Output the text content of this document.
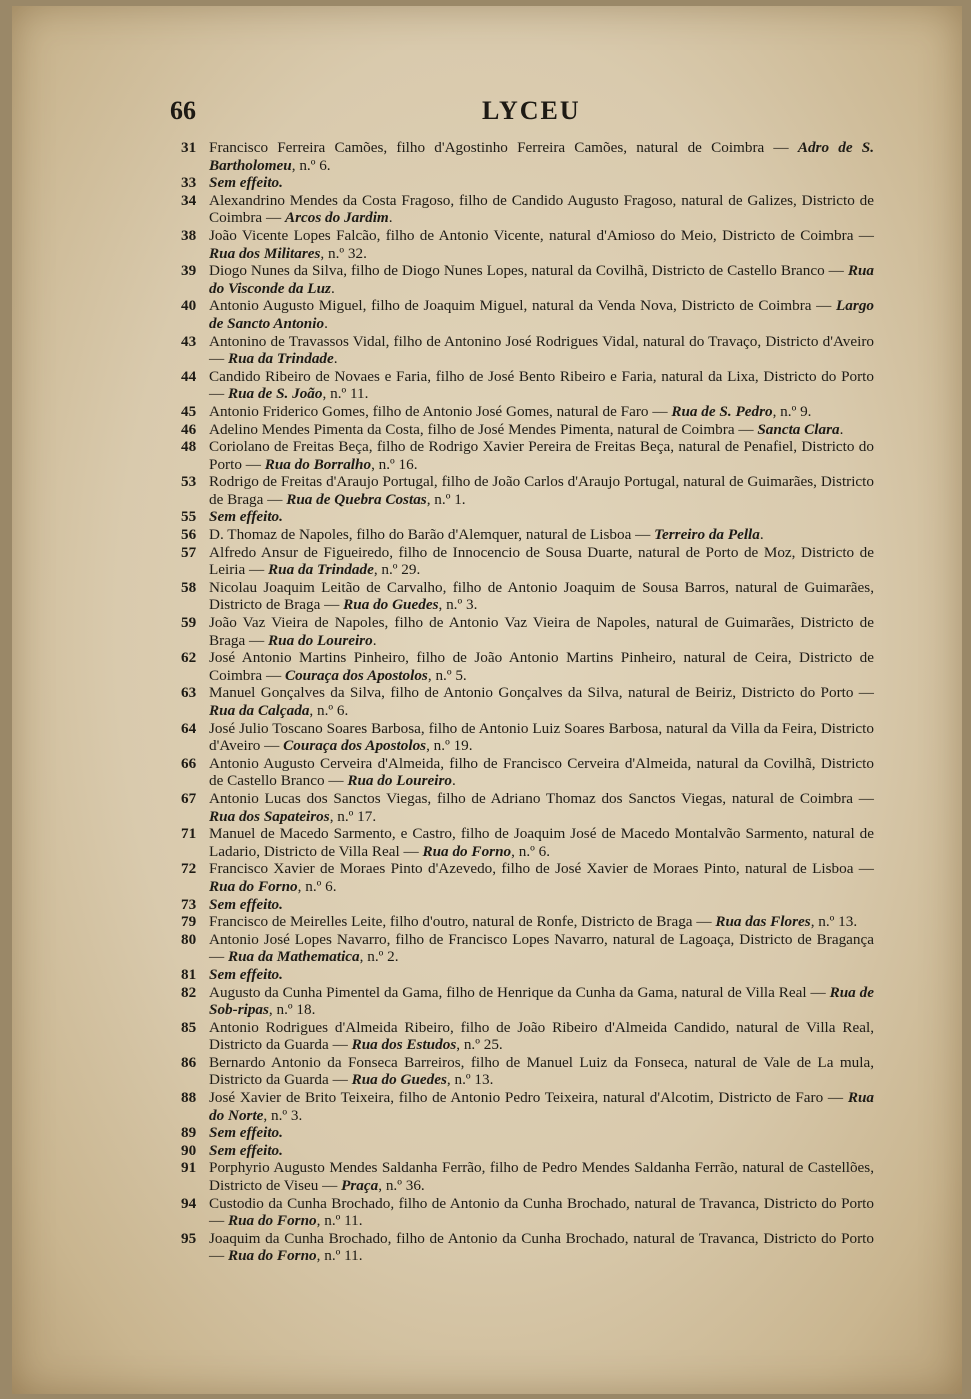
66	LYCEU
31 Francisco Ferreira Camões, filho d'Agostinho Ferreira Camões, natural de Coimbra — Adro de S. Bartholomeu, n.º 6.
33 Sem effeito.
34 Alexandrino Mendes da Costa Fragoso, filho de Candido Augusto Fragoso, natural de Galizes, Districto de Coimbra — Arcos do Jardim.
38 João Vicente Lopes Falcão, filho de Antonio Vicente, natural d'Amioso do Meio, Districto de Coimbra — Rua dos Militares, n.º 32.
39 Diogo Nunes da Silva, filho de Diogo Nunes Lopes, natural da Covilhã, Districto de Castello Branco — Rua do Visconde da Luz.
40 Antonio Augusto Miguel, filho de Joaquim Miguel, natural da Venda Nova, Districto de Coimbra — Largo de Sancto Antonio.
43 Antonino de Travassos Vidal, filho de Antonino José Rodrigues Vidal, natural do Travaço, Districto d'Aveiro — Rua da Trindade.
44 Candido Ribeiro de Novaes e Faria, filho de José Bento Ribeiro e Faria, natural da Lixa, Districto do Porto — Rua de S. João, n.º 11.
45 Antonio Friderico Gomes, filho de Antonio José Gomes, natural de Faro — Rua de S. Pedro, n.º 9.
46 Adelino Mendes Pimenta da Costa, filho de José Mendes Pimenta, natural de Coimbra — Sancta Clara.
48 Coriolano de Freitas Beça, filho de Rodrigo Xavier Pereira de Freitas Beça, natural de Penafiel, Districto do Porto — Rua do Borralho, n.º 16.
53 Rodrigo de Freitas d'Araujo Portugal, filho de João Carlos d'Araujo Portugal, natural de Guimarães, Districto de Braga — Rua de Quebra Costas, n.º 1.
55 Sem effeito.
56 D. Thomaz de Napoles, filho do Barão d'Alemquer, natural de Lisboa — Terreiro da Pella.
57 Alfredo Ansur de Figueiredo, filho de Innocencio de Sousa Duarte, natural de Porto de Moz, Districto de Leiria — Rua da Trindade, n.º 29.
58 Nicolau Joaquim Leitão de Carvalho, filho de Antonio Joaquim de Sousa Barros, natural de Guimarães, Districto de Braga — Rua do Guedes, n.º 3.
59 João Vaz Vieira de Napoles, filho de Antonio Vaz Vieira de Napoles, natural de Guimarães, Districto de Braga — Rua do Loureiro.
62 José Antonio Martins Pinheiro, filho de João Antonio Martins Pinheiro, natural de Ceira, Districto de Coimbra — Couraça dos Apostolos, n.º 5.
63 Manuel Gonçalves da Silva, filho de Antonio Gonçalves da Silva, natural de Beiriz, Districto do Porto — Rua da Calçada, n.º 6.
64 José Julio Toscano Soares Barbosa, filho de Antonio Luiz Soares Barbosa, natural da Villa da Feira, Districto d'Aveiro — Couraça dos Apostolos, n.º 19.
66 Antonio Augusto Cerveira d'Almeida, filho de Francisco Cerveira d'Almeida, natural da Covilhã, Districto de Castello Branco — Rua do Loureiro.
67 Antonio Lucas dos Sanctos Viegas, filho de Adriano Thomaz dos Sanctos Viegas, natural de Coimbra — Rua dos Sapateiros, n.º 17.
71 Manuel de Macedo Sarmento, e Castro, filho de Joaquim José de Macedo Montalvão Sarmento, natural de Ladario, Districto de Villa Real — Rua do Forno, n.º 6.
72 Francisco Xavier de Moraes Pinto d'Azevedo, filho de José Xavier de Moraes Pinto, natural de Lisboa — Rua do Forno, n.º 6.
73 Sem effeito.
79 Francisco de Meirelles Leite, filho d'outro, natural de Ronfe, Districto de Braga — Rua das Flores, n.º 13.
80 Antonio José Lopes Navarro, filho de Francisco Lopes Navarro, natural de Lagoaça, Districto de Bragança — Rua da Mathematica, n.º 2.
81 Sem effeito.
82 Augusto da Cunha Pimentel da Gama, filho de Henrique da Cunha da Gama, natural de Villa Real — Rua de Sob-ripas, n.º 18.
85 Antonio Rodrigues d'Almeida Ribeiro, filho de João Ribeiro d'Almeida Candido, natural de Villa Real, Districto da Guarda — Rua dos Estudos, n.º 25.
86 Bernardo Antonio da Fonseca Barreiros, filho de Manuel Luiz da Fonseca, natural de Vale de La mula, Districto da Guarda — Rua do Guedes, n.º 13.
88 José Xavier de Brito Teixeira, filho de Antonio Pedro Teixeira, natural d'Alcotim, Districto de Faro — Rua do Norte, n.º 3.
89 Sem effeito.
90 Sem effeito.
91 Porphyrio Augusto Mendes Saldanha Ferrão, filho de Pedro Mendes Saldanha Ferrão, natural de Castellões, Districto de Viseu — Praça, n.º 36.
94 Custodio da Cunha Brochado, filho de Antonio da Cunha Brochado, natural de Travanca, Districto do Porto — Rua do Forno, n.º 11.
95 Joaquim da Cunha Brochado, filho de Antonio da Cunha Brochado, natural de Travanca, Districto do Porto — Rua do Forno, n.º 11.
